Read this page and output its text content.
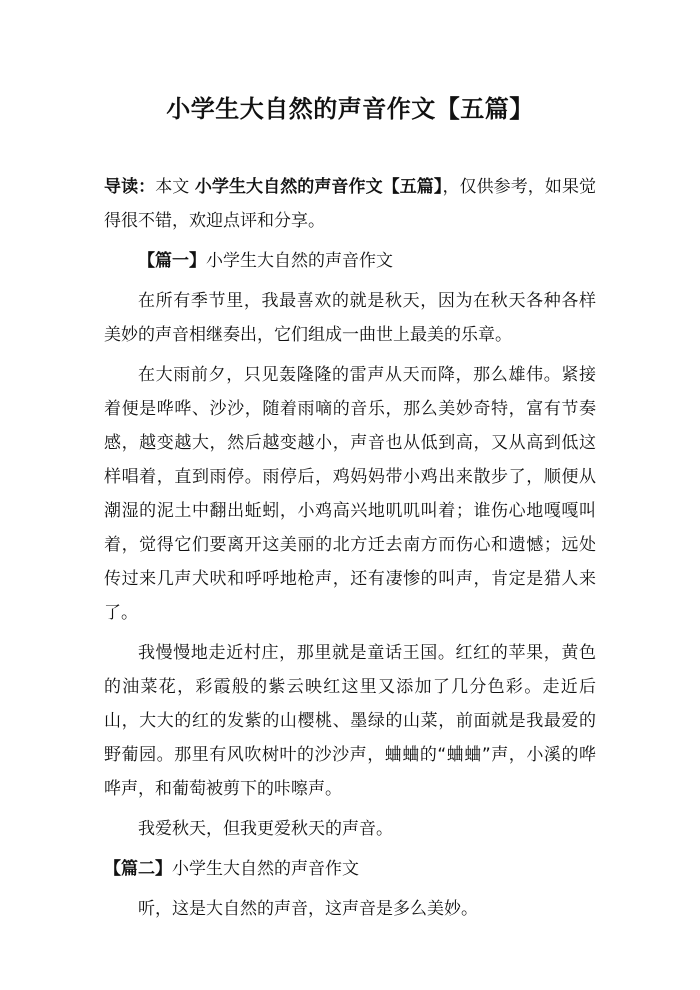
小学生大自然的声音作文【五篇】

导读：本文 小学生大自然的声音作文【五篇】，仅供参考，如果觉得很不错，欢迎点评和分享。

【篇一】小学生大自然的声音作文

在所有季节里，我最喜欢的就是秋天，因为在秋天各种各样美妙的声音相继奏出，它们组成一曲世上最美的乐章。

在大雨前夕，只见轰隆隆的雷声从天而降，那么雄伟。紧接着便是哗哗、沙沙，随着雨嘀的音乐，那么美妙奇特，富有节奏感，越变越大，然后越变越小，声音也从低到高，又从高到低这样唱着，直到雨停。雨停后，鸡妈妈带小鸡出来散步了，顺便从潮湿的泥土中翻出蚯蚓，小鸡高兴地叽叽叫着；谁伤心地嘎嘎叫着，觉得它们要离开这美丽的北方迁去南方而伤心和遗憾；远处传过来几声犬吠和呼呼地枪声，还有凄惨的叫声，肯定是猎人来了。

我慢慢地走近村庄，那里就是童话王国。红红的苹果，黄色的油菜花，彩霞般的紫云映红这里又添加了几分色彩。走近后山，大大的红的发紫的山樱桃、墨绿的山菜，前面就是我最爱的野葡园。那里有风吹树叶的沙沙声，蛐蛐的“蛐蛐”声，小溪的哗哗声，和葡萄被剪下的咔嚓声。

我爱秋天，但我更爱秋天的声音。

【篇二】小学生大自然的声音作文

听，这是大自然的声音，这声音是多么美妙。
